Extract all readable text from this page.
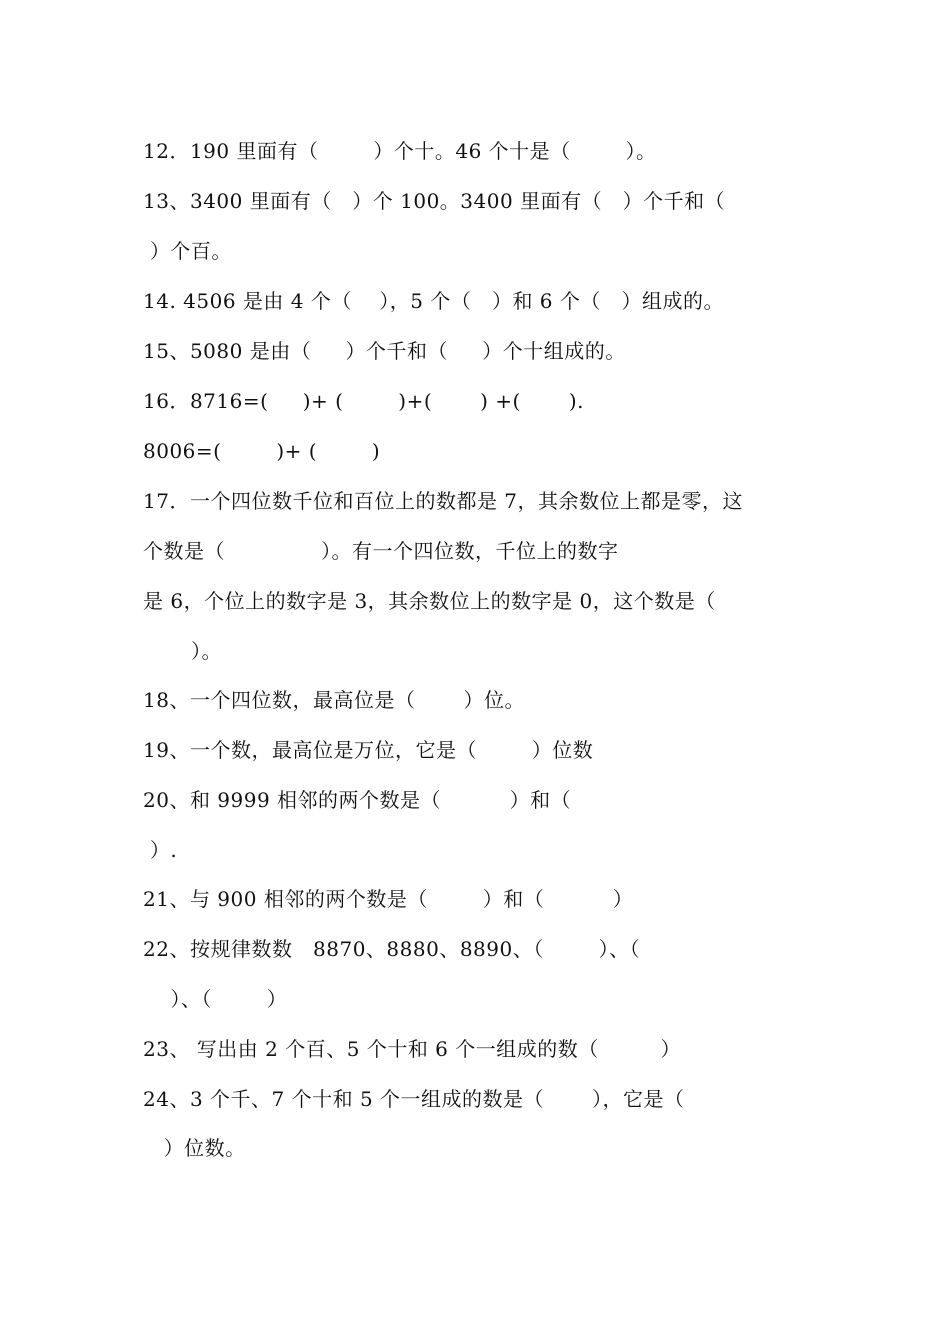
12．190 里面有（        ）个十。46 个十是（        ）。
13、3400 里面有（   ）个 100。3400 里面有（   ）个千和（
）个百。
14. 4506 是由 4 个（    ），5 个（   ）和 6 个（   ）组成的。
15、5080 是由（     ）个千和（     ）个十组成的。
16．8716=(     )+ (        )+(       ) +(       ).
8006=(        )+ (        )
17．一个四位数千位和百位上的数都是 7，其余数位上都是零，这
个数是（              ）。有一个四位数，千位上的数字
是 6，个位上的数字是 3，其余数位上的数字是 0，这个数是（
）。
18、一个四位数，最高位是（       ）位。
19、一个数，最高位是万位，它是（        ）位数
20、和 9999 相邻的两个数是（          ）和（
）.
21、与 900 相邻的两个数是（        ）和（          ）
22、按规律数数   8870、8880、8890、（        ）、（
）、（        ）
23、 写出由 2 个百、5 个十和 6 个一组成的数（         ）
24、3 个千、7 个十和 5 个一组成的数是（       ），它是（
）位数。
